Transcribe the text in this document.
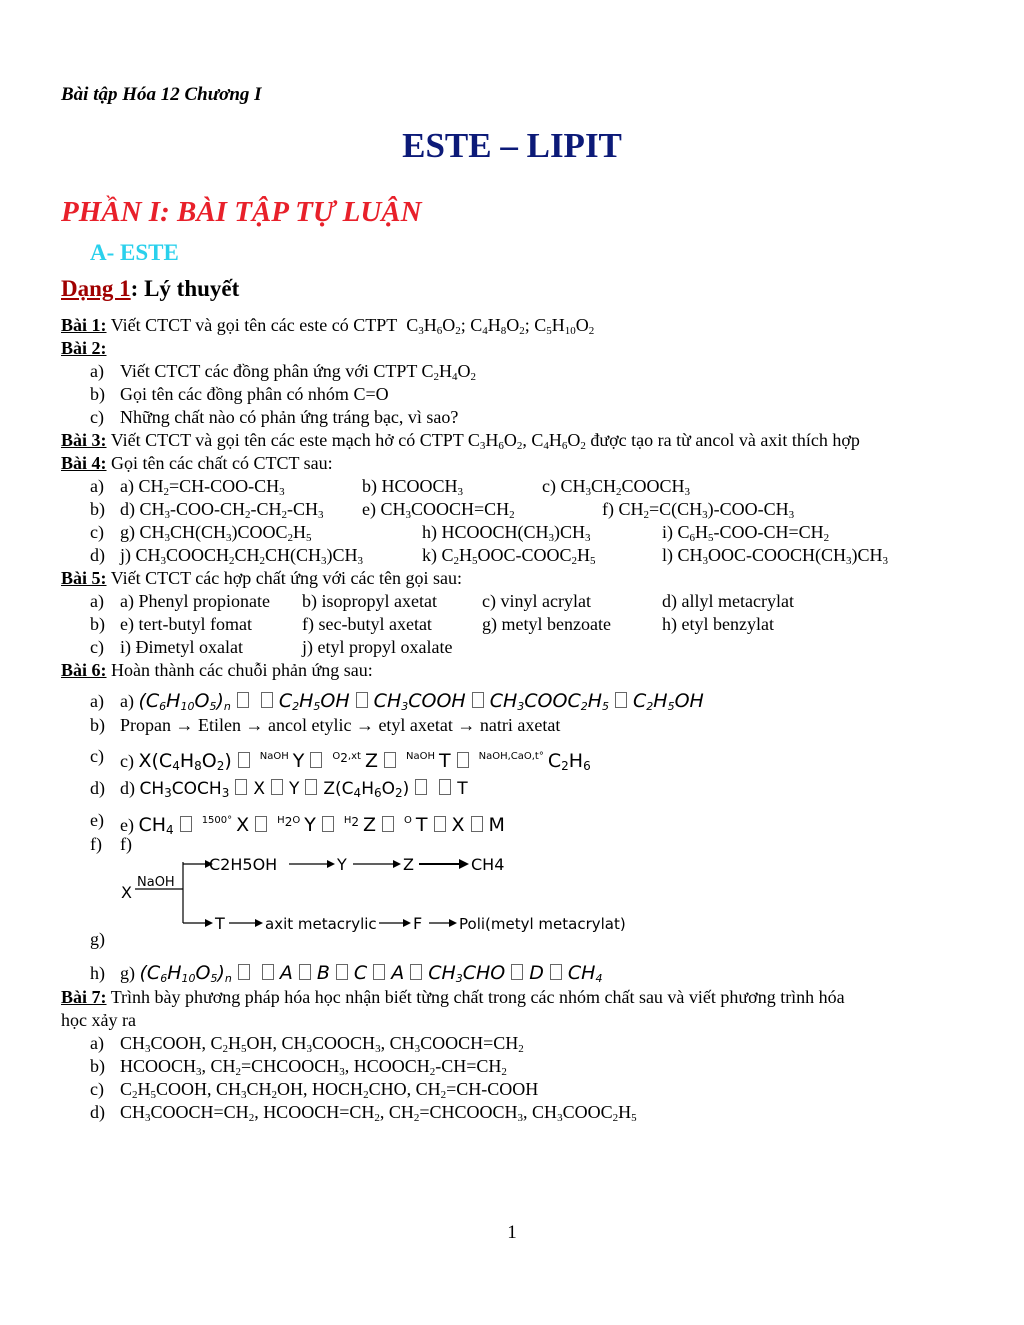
Bài tập Hóa 12 Chương I
ESTE – LIPIT
PHẦN I: BÀI TẬP TỰ LUẬN
A- ESTE
Dạng 1: Lý thuyết
Bài 1: Viết CTCT và gọi tên các este có CTPT  $C_3H_6O_2$; $C_4H_8O_2$; $C_5H_{10}O_2$
Bài 2:
a) Viết CTCT các đồng phân ứng với CTPT $C_2H_4O_2$
b) Gọi tên các đồng phân có nhóm C=O
c) Những chất nào có phản ứng tráng bạc, vì sao?
Bài 3: Viết CTCT và gọi tên các este mạch hở có CTPT $C_3H_6O_2$, $C_4H_6O_2$ được tạo ra từ ancol và axit thích hợp
Bài 4: Gọi tên các chất có CTCT sau:
a) a) $CH_2=CH-COO-CH_3$	b) $HCOOCH_3$	c) $CH_3CH_2COOCH_3$
b) d) $CH_3-COO-CH_2-CH_2-CH_3$ e) $CH_3COOCH=CH_2$	f) $CH_2=C(CH_3)-COO-CH_3$
c) g) $CH_3CH(CH_3)COOC_2H_5$	h) $HCOOCH(CH_3)CH_3$	i) $C_6H_5-COO-CH=CH_2$
d) j) $CH_3COOCH_2CH_2CH(CH_3)CH_3$	k) $C_2H_5OOC-COOC_2H_5$	l) $CH_3OOC-COOCH(CH_3)CH_3$
Bài 5: Viết CTCT các hợp chất ứng với các tên gọi sau:
a) a) Phenyl propionate b) isopropyl axetat	c) vinyl acrylat	d) allyl metacrylat
b) e) tert-butyl fomat	f) sec-butyl axetat	g) metyl benzoate	h) etyl benzylat
c) i) Đimetyl oxalat	j) etyl propyl oxalate
Bài 6: Hoàn thành các chuỗi phản ứng sau:
a) a) $(C_6H_{10}O_5)_n$	$C_2H_5OH$ $CH_3COOH$ $CH_3COOC_2H_5$ $C_2H_5OH$
b) Propan → Etilen → ancol etylic → etyl axetat → natri axetat
c) c) $X(C_4H_8O_2)$	$^{NaOH}$ Y	$^{O_2,xt}$ Z	$^{NaOH}$ T	$^{NaOH,CaO,t^\circ}$ $C_2H_6$
d) d) $CH_3COCH_3$ X Y $Z(C_4H_6O_2)$	T
e) e) $CH_4^{1500^\circ}$ X	$^{H_2O}$ Y	$^{H_2}$ Z	$^O$ T X M
f) f)
g)
X
NaOH
C2H5OH	Y	Z	CH4
T	axit metacrylic F Poli(metyl metacrylat)
h) g) $(C_6H_{10}O_5)_n$	A B C A $CH_3CHO$ D $CH_4$
Bài 7: Trình bày phương pháp hóa học nhận biết từng chất trong các nhóm chất sau và viết phương trình hóa
học xảy ra
a) $CH_3COOH$, $C_2H_5OH$, $CH_3COOCH_3$, $CH_3COOCH=CH_2$
b) $HCOOCH_3$, $CH_2=CHCOOCH_3$, $HCOOCH_2-CH=CH_2$
c) $C_2H_5COOH$, $CH_3CH_2OH$, $HOCH_2CHO$, $CH_2=CH$-COOH
d) $CH_3COOCH=CH_2$, $HCOOCH=CH_2$, $CH_2=CHCOOCH_3$, $CH_3COOC_2H_5$
1
